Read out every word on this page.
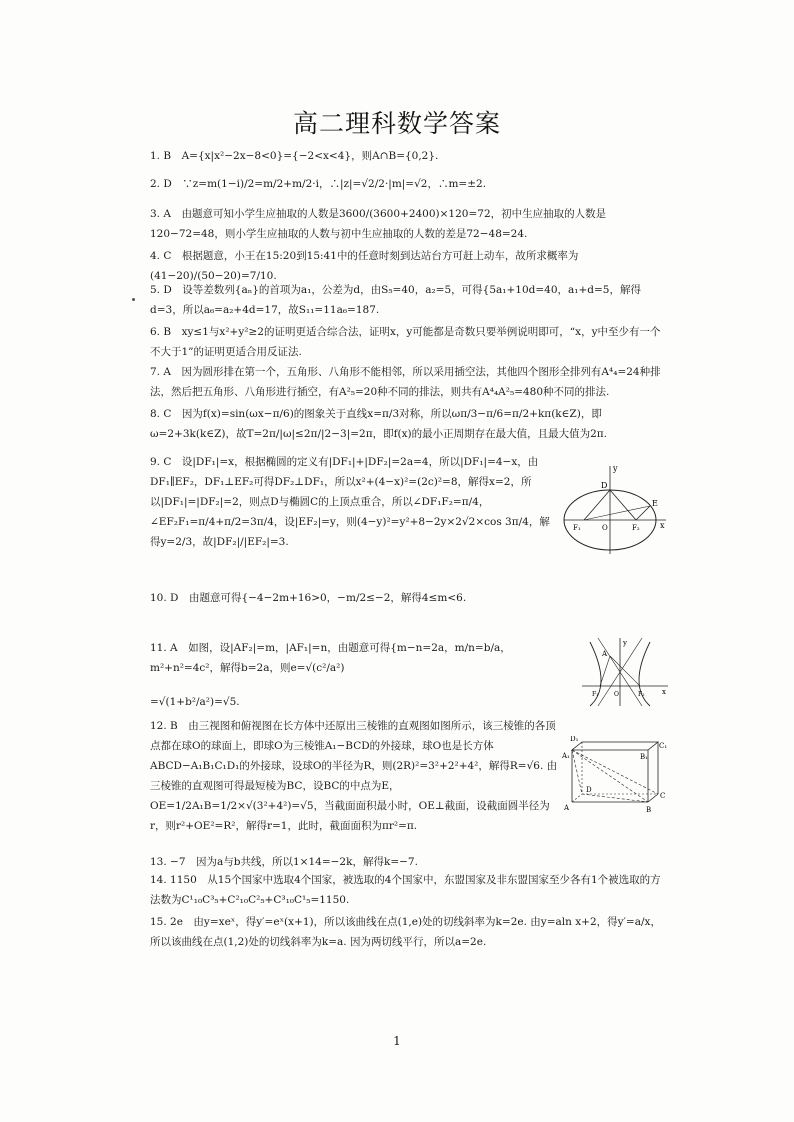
高二理科数学答案
1. B　A={x|x²−2x−8<0}={−2<x<4}，则A∩B={0,2}.
2. D　∵z=m(1−i)/2=m/2+m/2·i，∴|z|=√2/2·|m|=√2，∴m=±2.
3. A　由题意可知小学生应抽取的人数是3600/(3600+2400)×120=72，初中生应抽取的人数是120−72=48，则小学生应抽取的人数与初中生应抽取的人数的差是72−48=24.
4. C　根据题意，小王在15:20到15:41中的任意时刻到达站台方可赶上动车，故所求概率为(41−20)/(50−20)=7/10.
5. D　设等差数列{aₙ}的首项为a₁，公差为d，由S₅=40，a₂=5，可得{5a₁+10d=40，a₁+d=5，解得d=3，所以a₆=a₂+4d=17，故S₁₁=11a₆=187.
6. B　xy≤1与x²+y²≥2的证明更适合综合法，证明x，y可能都是奇数只要举例说明即可，“x，y中至少有一个不大于1”的证明更适合用反证法.
7. A　因为圆形排在第一个，五角形、八角形不能相邻，所以采用插空法，其他四个图形全排列有A⁴₄=24种排法，然后把五角形、八角形进行插空，有A²₅=20种不同的排法，则共有A⁴₄A²₅=480种不同的排法.
8. C　因为f(x)=sin(ωx−π/6)的图象关于直线x=π/3对称，所以ωπ/3−π/6=π/2+kπ(k∈Z)，即ω=2+3k(k∈Z)，故T=2π/|ω|≤2π/|2−3|=2π，即f(x)的最小正周期存在最大值，且最大值为2π.
9. C　设|DF₁|=x，根据椭圆的定义有|DF₁|+|DF₂|=2a=4，所以|DF₁|=4−x，由DF₁∥EF₂，DF₁⊥EF₂可得DF₂⊥DF₁，所以x²+(4−x)²=(2c)²=8，解得x=2，所以|DF₁|=|DF₂|=2，则点D与椭圆C的上顶点重合，所以∠DF₁F₂=π/4，∠EF₂F₁=π/4+π/2=3π/4，设|EF₂|=y，则(4−y)²=y²+8−2y×2√2×cos 3π/4，解得y=2/3，故|DF₂|/|EF₂|=3.
10. D　由题意可得{−4−2m+16>0，−m/2≤−2，解得4≤m<6.
11. A　如图，设|AF₂|=m，|AF₁|=n，由题意可得{m−n=2a，m/n=b/a，m²+n²=4c²，解得b=2a，则e=√(c²/a²)
=√(1+b²/a²)=√5.
12. B　由三视图和俯视图在长方体中还原出三棱锥的直观图如图所示，该三棱锥的各顶点都在球O的球面上，即球O为三棱锥A₁−BCD的外接球，球O也是长方体ABCD−A₁B₁C₁D₁的外接球，设球O的半径为R，则(2R)²=3²+2²+4²，解得R=√6. 由三棱锥的直观图可得最短棱为BC，设BC的中点为E，OE=1/2A₁B=1/2×√(3²+4²)=√5，当截面面积最小时，OE⊥截面，设截面圆半径为r，则r²+OE²=R²，解得r=1，此时，截面面积为πr²=π.
13. −7　因为a与b共线，所以1×14=−2k，解得k=−7.
14. 1150　从15个国家中选取4个国家，被选取的4个国家中，东盟国家及非东盟国家至少各有1个被选取的方法数为C¹₁₀C³₅+C²₁₀C²₅+C³₁₀C¹₅=1150.
15. 2e　由y=xeˣ，得y′=eˣ(x+1)，所以该曲线在点(1,e)处的切线斜率为k=2e. 由y=aln x+2，得y′=a/x，所以该曲线在点(1,2)处的切线斜率为k=a. 因为两切线平行，所以a=2e.
y
D
E
F₁	O	F₂	x
y
A
F₁	O	F₂ x
D₁
C₁
A₁	B₁
D
C
A	B
1
